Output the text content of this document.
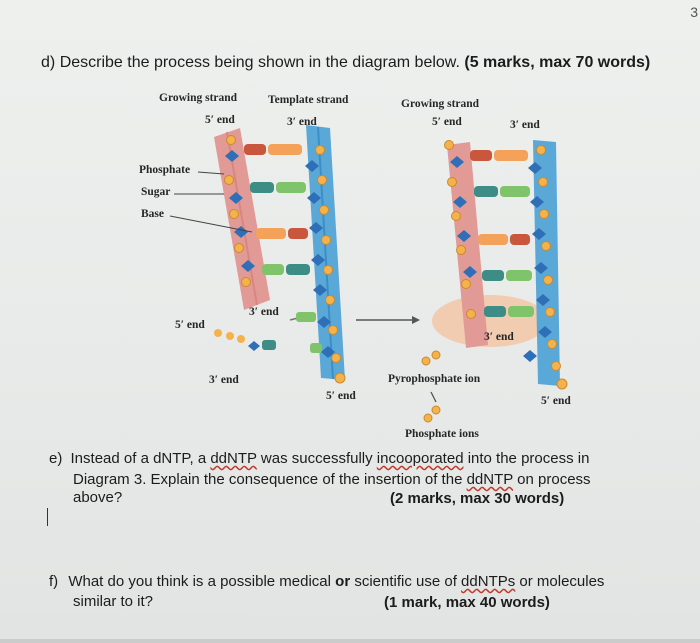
3
d) Describe the process being shown in the diagram below. (5 marks, max 70 words)
Growing strand	Template strand
5′ end	3′ end
Phosphate
Sugar
Base
3′ end
5′ end
3′ end
5′ end
Growing strand
5′ end	3′ end
3′ end
Pyrophosphate ion
5′ end
Phosphate ions
e) Instead of a dNTP, a ddNTP was successfully incooporated into the process in
Diagram 3. Explain the consequence of the insertion of the ddNTP on process
above?	(2 marks, max 30 words)
f) What do you think is a possible medical or scientific use of ddNTPs or molecules
similar to it?	(1 mark, max 40 words)
